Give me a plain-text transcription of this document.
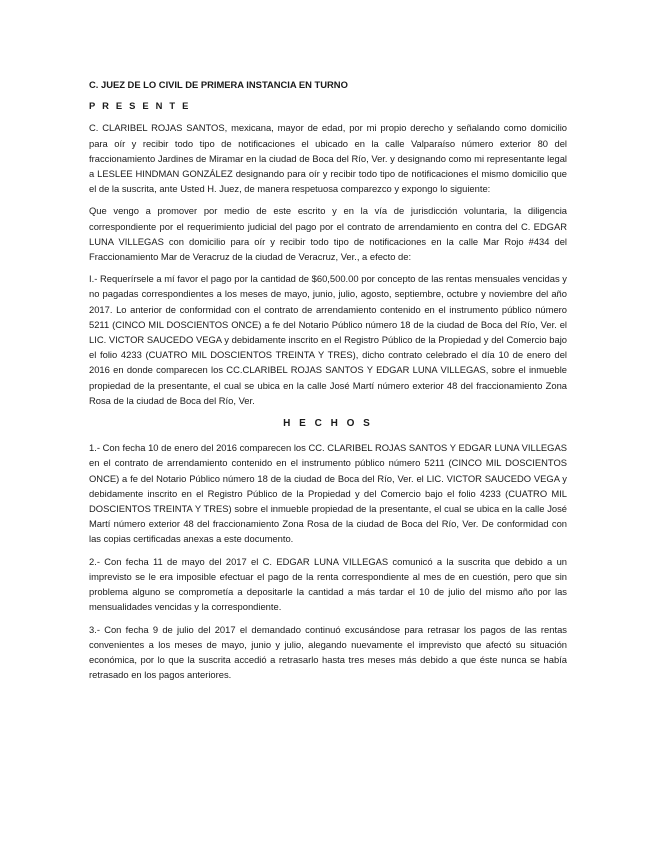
C. JUEZ DE LO CIVIL DE PRIMERA INSTANCIA EN TURNO

P R E S E N T E

C. CLARIBEL ROJAS SANTOS, mexicana, mayor de edad, por mi propio derecho y señalando como domicilio para oír y recibir todo tipo de notificaciones el ubicado en la calle Valparaíso número exterior 80 del fraccionamiento Jardines de Miramar en la ciudad de Boca del Río, Ver. y designando como mi representante legal a LESLEE HINDMAN GONZÁLEZ designando para oír y recibir todo tipo de notificaciones el mismo domicilio que el de la suscrita, ante Usted H. Juez, de manera respetuosa comparezco y expongo lo siguiente:

Que vengo a promover por medio de este escrito y en la vía de jurisdicción voluntaria, la diligencia correspondiente por el requerimiento judicial del pago por el contrato de arrendamiento en contra del C. EDGAR LUNA VILLEGAS con domicilio para oír y recibir todo tipo de notificaciones en la calle Mar Rojo #434 del Fraccionamiento Mar de Veracruz de la ciudad de Veracruz, Ver., a efecto de:

I.- Requerírsele a mí favor el pago por la cantidad de $60,500.00 por concepto de las rentas mensuales vencidas y no pagadas correspondientes a los meses de mayo, junio, julio, agosto, septiembre, octubre y noviembre del año 2017. Lo anterior de conformidad con el contrato de arrendamiento contenido en el instrumento público número 5211 (CINCO MIL DOSCIENTOS ONCE) a fe del Notario Público número 18 de la ciudad de Boca del Río, Ver. el LIC. VICTOR SAUCEDO VEGA y debidamente inscrito en el Registro Público de la Propiedad y del Comercio bajo el folio 4233 (CUATRO MIL DOSCIENTOS TREINTA Y TRES), dicho contrato celebrado el día 10 de enero del 2016 en donde comparecen los CC.CLARIBEL ROJAS SANTOS Y EDGAR LUNA VILLEGAS, sobre el inmueble propiedad de la presentante, el cual se ubica en la calle José Martí número exterior 48 del fraccionamiento Zona Rosa de la ciudad de Boca del Río, Ver.

H E C H O S

1.- Con fecha 10 de enero del 2016 comparecen los CC. CLARIBEL ROJAS SANTOS Y EDGAR LUNA VILLEGAS en el contrato de arrendamiento contenido en el instrumento público número 5211 (CINCO MIL DOSCIENTOS ONCE) a fe del Notario Público número 18 de la ciudad de Boca del Río, Ver. el LIC. VICTOR SAUCEDO VEGA y debidamente inscrito en el Registro Público de la Propiedad y del Comercio bajo el folio 4233 (CUATRO MIL DOSCIENTOS TREINTA Y TRES) sobre el inmueble propiedad de la presentante, el cual se ubica en la calle José Martí número exterior 48 del fraccionamiento Zona Rosa de la ciudad de Boca del Río, Ver. De conformidad con las copias certificadas anexas a este documento.

2.- Con fecha 11 de mayo del 2017 el C. EDGAR LUNA VILLEGAS comunicó a la suscrita que debido a un imprevisto se le era imposible efectuar el pago de la renta correspondiente al mes de en cuestión, pero que sin problema alguno se comprometía a depositarle la cantidad a más tardar el 10 de julio del mismo año por las mensualidades vencidas y la correspondiente.

3.- Con fecha 9 de julio del 2017 el demandado continuó excusándose para retrasar los pagos de las rentas convenientes a los meses de mayo, junio y julio, alegando nuevamente el imprevisto que afectó su situación económica, por lo que la suscrita accedió a retrasarlo hasta tres meses más debido a que éste nunca se había retrasado en los pagos anteriores.
